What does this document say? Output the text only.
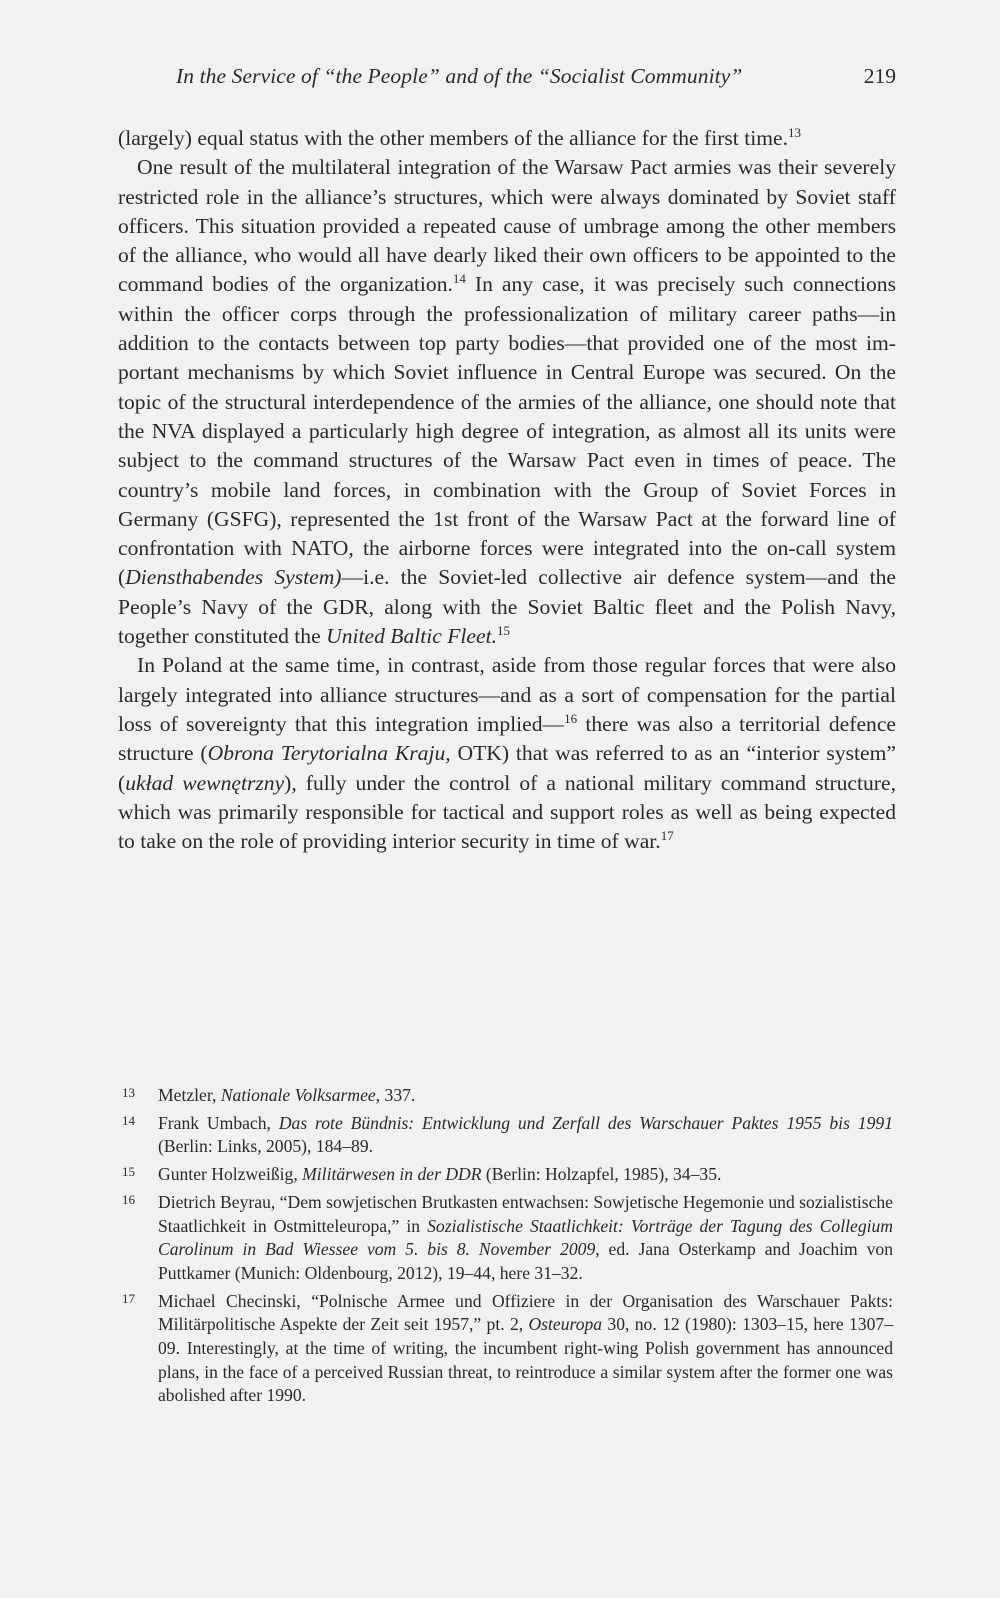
In the Service of “the People” and of the “Socialist Community”	219

(largely) equal status with the other members of the alliance for the first time.$^{13}$

One result of the multilateral integration of the Warsaw Pact armies was their severely restricted role in the alliance’s structures, which were always dominated by Soviet staff officers. This situation provided a repeated cause of umbrage among the other members of the alliance, who would all have dearly liked their own officers to be appointed to the command bodies of the organization.$^{14}$ In any case, it was precisely such connections within the officer corps through the professionalization of military career paths—in addition to the contacts between top party bodies—that provided one of the most important mechanisms by which Soviet influence in Central Europe was secured. On the topic of the structural interdependence of the armies of the alliance, one should note that the NVA displayed a particularly high degree of integration, as almost all its units were subject to the command structures of the Warsaw Pact even in times of peace. The country’s mobile land forces, in combination with the Group of Soviet Forces in Germany (GSFG), represented the 1st front of the Warsaw Pact at the forward line of confrontation with NATO, the airborne forces were integrated into the on-call system (Diensthabendes System)—i.e. the Soviet-led collective air defence system—and the People’s Navy of the GDR, along with the Soviet Baltic fleet and the Polish Navy, together constituted the United Baltic Fleet.$^{15}$

In Poland at the same time, in contrast, aside from those regular forces that were also largely integrated into alliance structures—and as a sort of compensation for the partial loss of sovereignty that this integration implied—$^{16}$ there was also a territorial defence structure (Obrona Terytorialna Kraju, OTK) that was referred to as an “interior system” (układ wewnętrzny), fully under the control of a national military command structure, which was primarily responsible for tactical and support roles as well as being expected to take on the role of providing interior security in time of war.$^{17}$

13 Metzler, Nationale Volksarmee, 337.
14 Frank Umbach, Das rote Bündnis: Entwicklung und Zerfall des Warschauer Paktes 1955 bis 1991 (Berlin: Links, 2005), 184–89.
15 Gunter Holzweißig, Militärwesen in der DDR (Berlin: Holzapfel, 1985), 34–35.
16 Dietrich Beyrau, “Dem sowjetischen Brutkasten entwachsen: Sowjetische Hegemonie und sozialistische Staatlichkeit in Ostmitteleuropa,” in Sozialistische Staatlichkeit: Vorträge der Tagung des Collegium Carolinum in Bad Wiessee vom 5. bis 8. November 2009, ed. Jana Osterkamp and Joachim von Puttkamer (Munich: Oldenbourg, 2012), 19–44, here 31–32.
17 Michael Checinski, “Polnische Armee und Offiziere in der Organisation des Warschauer Pakts: Militärpolitische Aspekte der Zeit seit 1957,” pt. 2, Osteuropa 30, no. 12 (1980): 1303–15, here 1307–09. Interestingly, at the time of writing, the incumbent right-wing Polish government has announced plans, in the face of a perceived Russian threat, to reintroduce a similar system after the former one was abolished after 1990.
